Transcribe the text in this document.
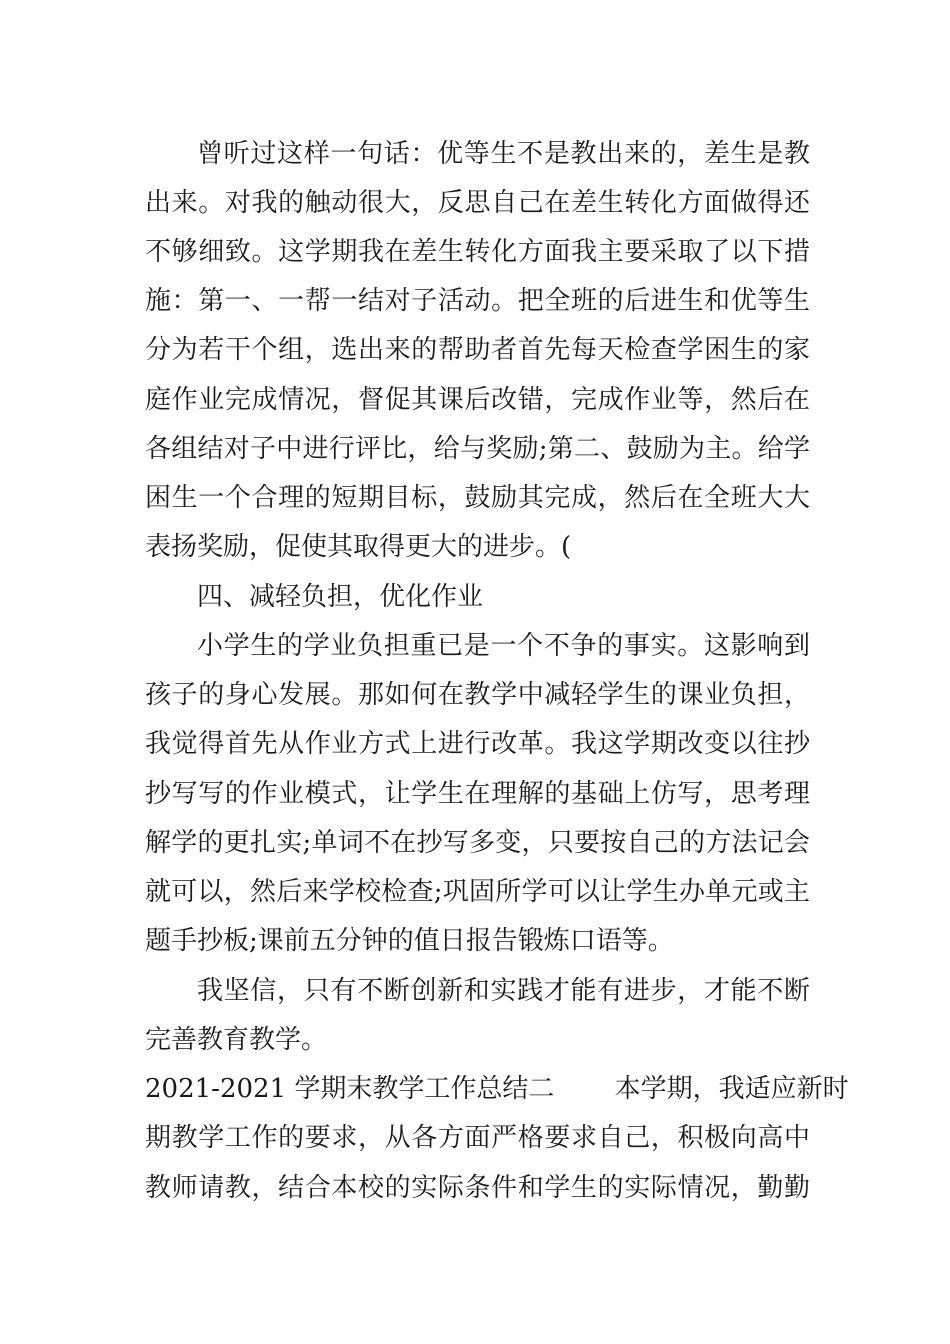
曾听过这样一句话：优等生不是教出来的，差生是教
出来。对我的触动很大，反思自己在差生转化方面做得还
不够细致。这学期我在差生转化方面我主要采取了以下措
施：第一、一帮一结对子活动。把全班的后进生和优等生
分为若干个组，选出来的帮助者首先每天检查学困生的家
庭作业完成情况，督促其课后改错，完成作业等，然后在
各组结对子中进行评比，给与奖励;第二、鼓励为主。给学
困生一个合理的短期目标，鼓励其完成，然后在全班大大
表扬奖励，促使其取得更大的进步。(
四、减轻负担，优化作业
小学生的学业负担重已是一个不争的事实。这影响到
孩子的身心发展。那如何在教学中减轻学生的课业负担，
我觉得首先从作业方式上进行改革。我这学期改变以往抄
抄写写的作业模式，让学生在理解的基础上仿写，思考理
解学的更扎实;单词不在抄写多变，只要按自己的方法记会
就可以，然后来学校检查;巩固所学可以让学生办单元或主
题手抄板;课前五分钟的值日报告锻炼口语等。
我坚信，只有不断创新和实践才能有进步，才能不断
完善教育教学。
2021-2021 学期末教学工作总结二　　 本学期，我适应新时
期教学工作的要求，从各方面严格要求自己，积极向高中
教师请教，结合本校的实际条件和学生的实际情况，勤勤
